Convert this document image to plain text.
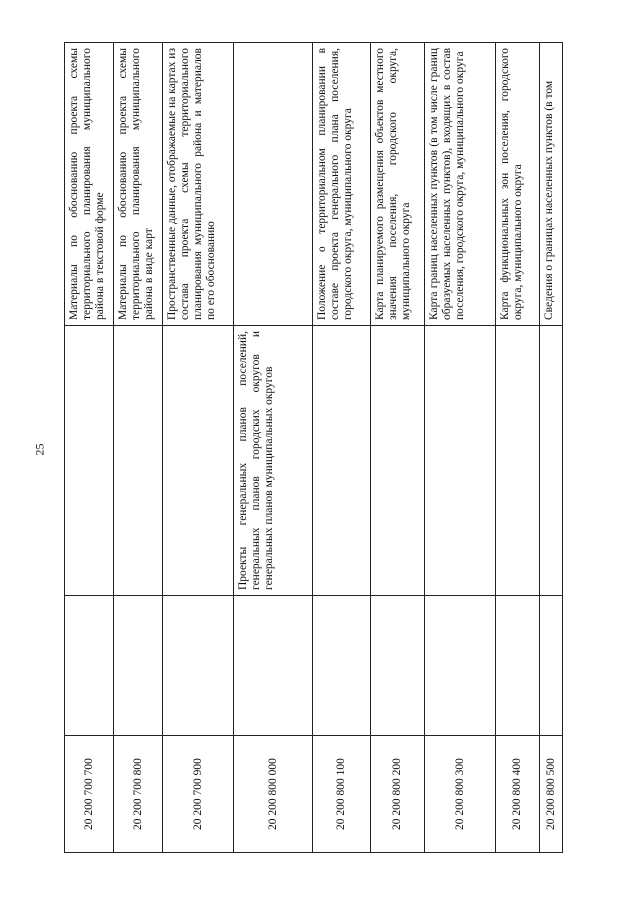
25
20 200 700 700			Материалы по обоснованию проекта схемы территориального планирования муниципального района в текстовой форме
20 200 700 800			Материалы по обоснованию проекта схемы территориального планирования муниципального района в виде карт
20 200 700 900			Пространственные данные, отображаемые на картах из состава проекта схемы территориального планирования муниципального района и материалов по его обоснованию
20 200 800 000		Проекты генеральных планов поселений, генеральных планов городских округов и генеральных планов муниципальных округов	
20 200 800 100			Положение о территориальном планировании в составе проекта генерального плана поселения, городского округа, муниципального округа
20 200 800 200			Карта планируемого размещения объектов местного значения поселения, городского округа, муниципального округа
20 200 800 300			Карта границ населенных пунктов (в том числе границ образуемых населенных пунктов), входящих в состав поселения, городского округа, муниципального округа
20 200 800 400			Карта функциональных зон поселения, городского округа, муниципального округа
20 200 800 500			Сведения о границах населенных пунктов (в том
